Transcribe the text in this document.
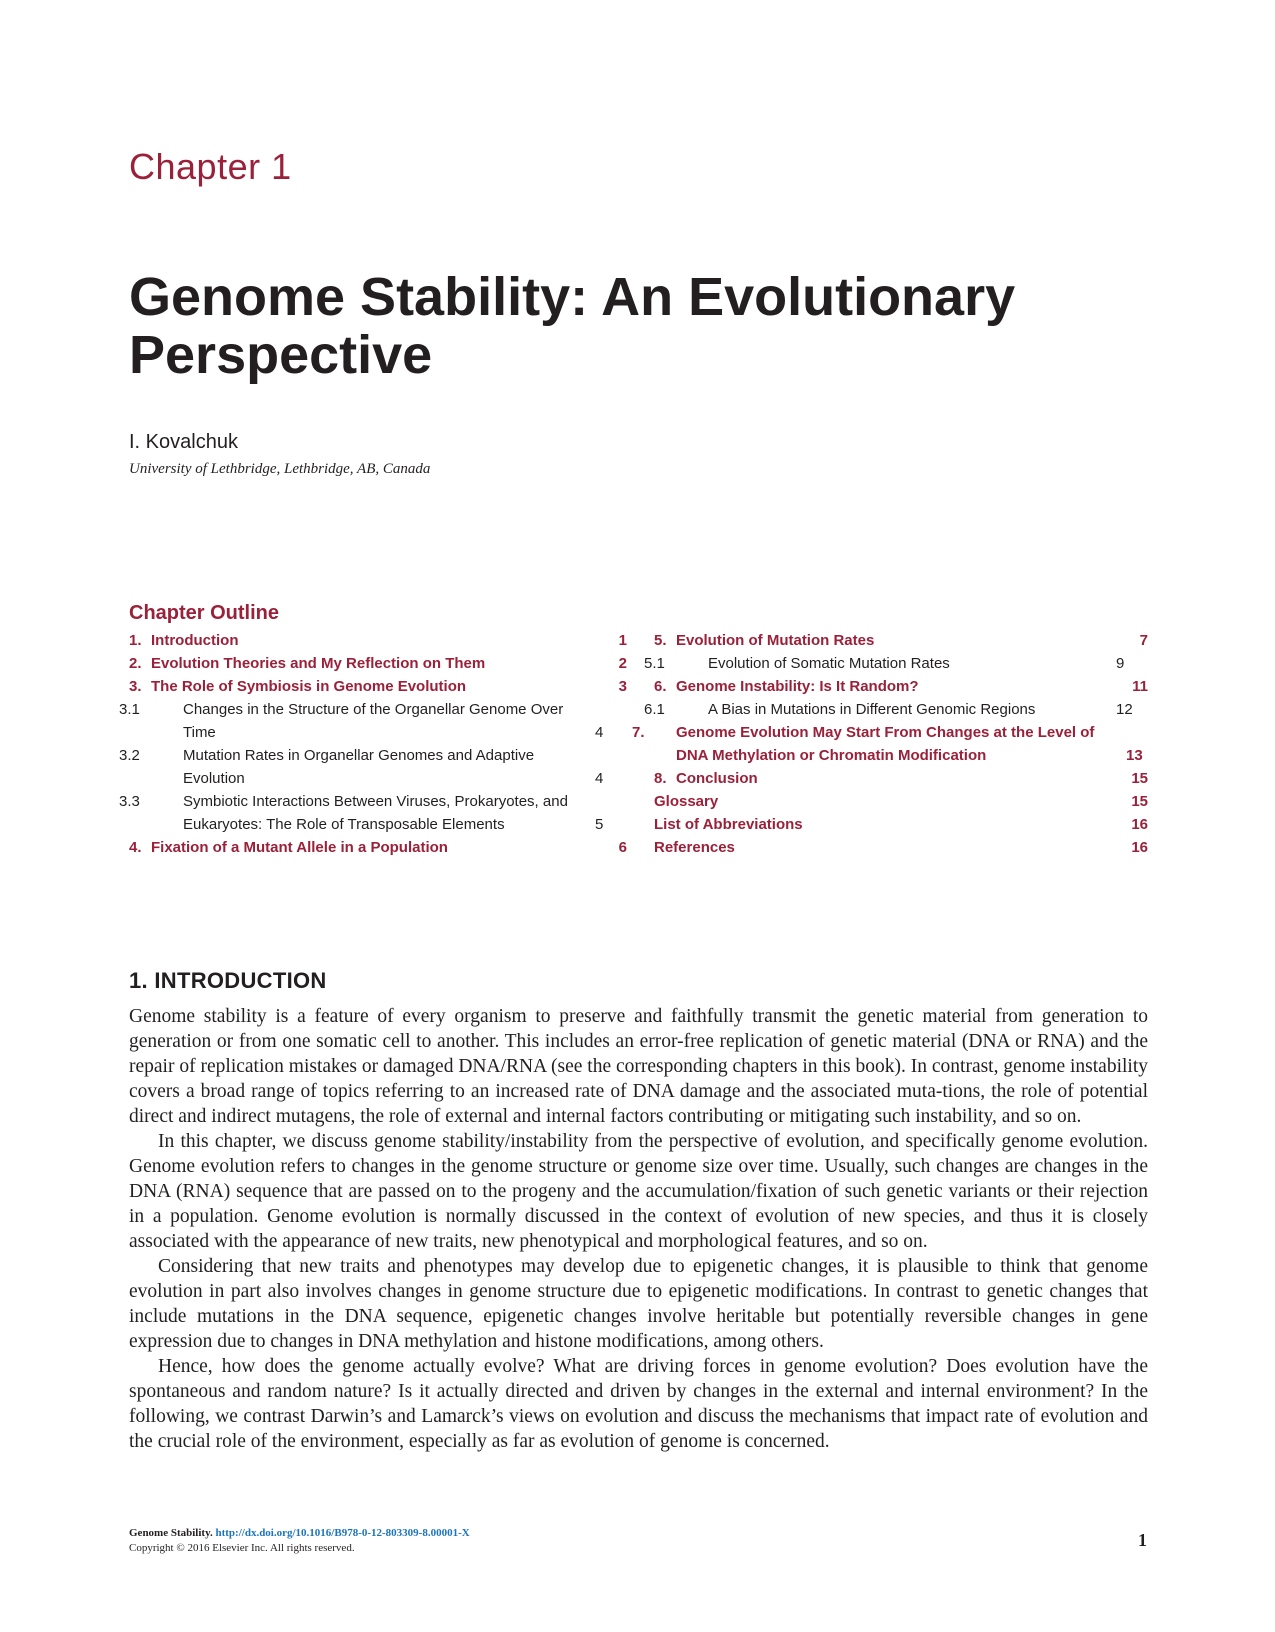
Chapter 1
Genome Stability: An Evolutionary
Perspective
I. Kovalchuk
University of Lethbridge, Lethbridge, AB, Canada
Chapter Outline
1. Introduction	1
2. Evolution Theories and My Reflection on Them	2
3. The Role of Symbiosis in Genome Evolution	3
3.1	Changes in the Structure of the Organellar Genome Over Time	4
3.2	Mutation Rates in Organellar Genomes and Adaptive Evolution	4
3.3	Symbiotic Interactions Between Viruses, Prokaryotes, and Eukaryotes: The Role of Transposable Elements	5
4. Fixation of a Mutant Allele in a Population	6
5. Evolution of Mutation Rates	7
5.1	Evolution of Somatic Mutation Rates	9
6. Genome Instability: Is It Random?	11
6.1	A Bias in Mutations in Different Genomic Regions	12
7. Genome Evolution May Start From Changes at the Level of DNA Methylation or Chromatin Modification	13
8. Conclusion	15
Glossary	15
List of Abbreviations	16
References	16
1. INTRODUCTION

Genome stability is a feature of every organism to preserve and faithfully transmit the genetic material from generation to generation or from one somatic cell to another. This includes an error-free replication of genetic material (DNA or RNA) and the repair of replication mistakes or damaged DNA/RNA (see the corresponding chapters in this book). In contrast, genome instability covers a broad range of topics referring to an increased rate of DNA damage and the associated muta-tions, the role of potential direct and indirect mutagens, the role of external and internal factors contributing or mitigating such instability, and so on.

In this chapter, we discuss genome stability/instability from the perspective of evolution, and specifically genome evolution. Genome evolution refers to changes in the genome structure or genome size over time. Usually, such changes are changes in the DNA (RNA) sequence that are passed on to the progeny and the accumulation/fixation of such genetic variants or their rejection in a population. Genome evolution is normally discussed in the context of evolution of new species, and thus it is closely associated with the appearance of new traits, new phenotypical and morphological features, and so on.

Considering that new traits and phenotypes may develop due to epigenetic changes, it is plausible to think that genome evolution in part also involves changes in genome structure due to epigenetic modifications. In contrast to genetic changes that include mutations in the DNA sequence, epigenetic changes involve heritable but potentially reversible changes in gene expression due to changes in DNA methylation and histone modifications, among others.

Hence, how does the genome actually evolve? What are driving forces in genome evolution? Does evolution have the spontaneous and random nature? Is it actually directed and driven by changes in the external and internal environment? In the following, we contrast Darwin’s and Lamarck’s views on evolution and discuss the mechanisms that impact rate of evolution and the crucial role of the environment, especially as far as evolution of genome is concerned.

Genome Stability. http://dx.doi.org/10.1016/B978-0-12-803309-8.00001-X
Copyright © 2016 Elsevier Inc. All rights reserved.	1
